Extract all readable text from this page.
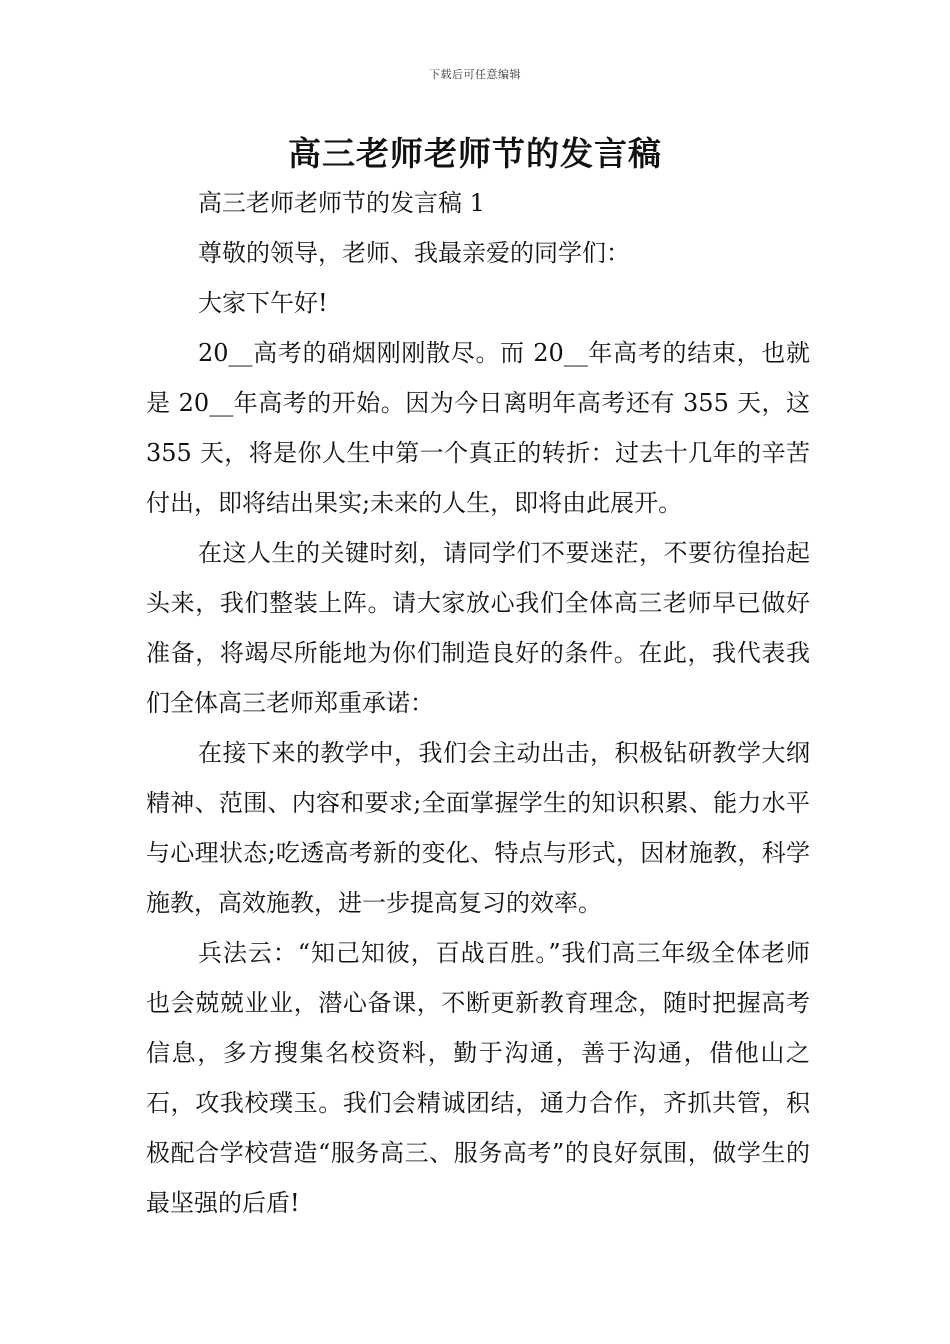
下载后可任意编辑
高三老师老师节的发言稿

高三老师老师节的发言稿 1

尊敬的领导，老师、我最亲爱的同学们：

大家下午好!

20__高考的硝烟刚刚散尽。而 20__年高考的结束，也就是 20__年高考的开始。因为今日离明年高考还有 355 天，这 355 天，将是你人生中第一个真正的转折：过去十几年的辛苦付出，即将结出果实;未来的人生，即将由此展开。

在这人生的关键时刻，请同学们不要迷茫，不要彷徨抬起头来，我们整装上阵。请大家放心我们全体高三老师早已做好准备，将竭尽所能地为你们制造良好的条件。在此，我代表我们全体高三老师郑重承诺：

在接下来的教学中，我们会主动出击，积极钻研教学大纲精神、范围、内容和要求;全面掌握学生的知识积累、能力水平与心理状态;吃透高考新的变化、特点与形式，因材施教，科学施教，高效施教，进一步提高复习的效率。

兵法云：“知己知彼，百战百胜。”我们高三年级全体老师也会兢兢业业，潜心备课，不断更新教育理念，随时把握高考信息，多方搜集名校资料，勤于沟通，善于沟通，借他山之石，攻我校璞玉。我们会精诚团结，通力合作，齐抓共管，积极配合学校营造“服务高三、服务高考”的良好氛围，做学生的最坚强的后盾!
